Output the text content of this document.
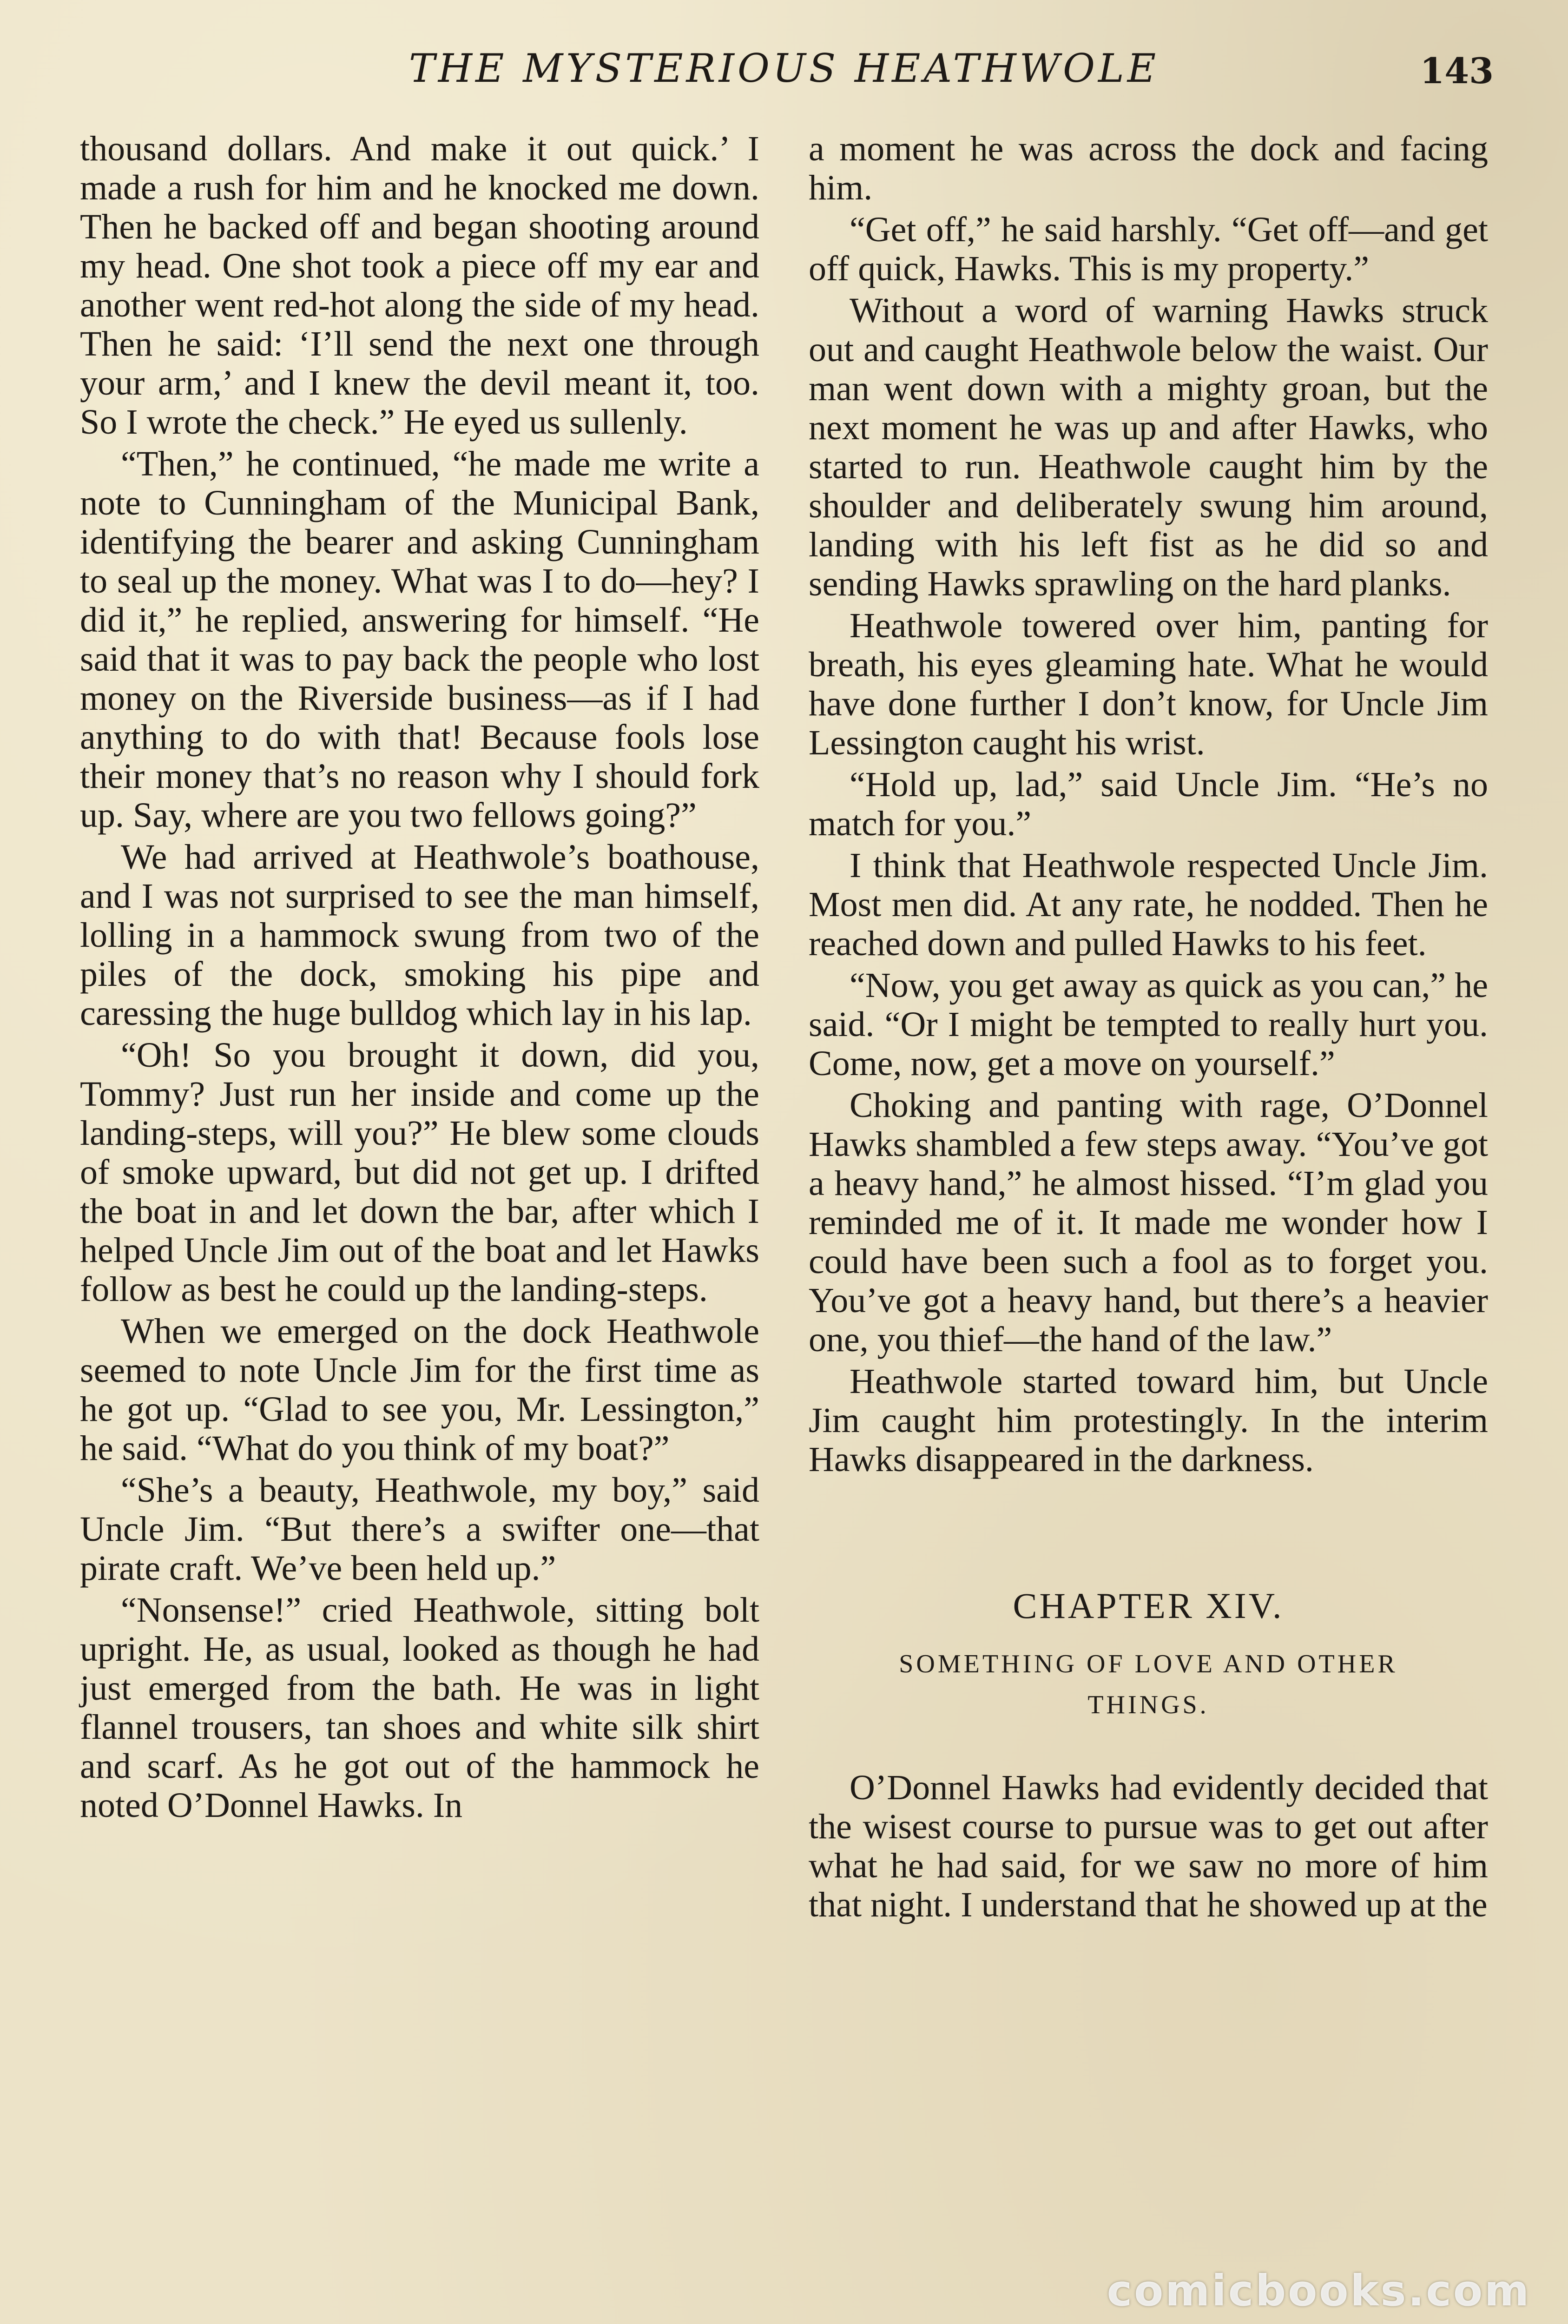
THE MYSTERIOUS HEATHWOLE	143

thousand dollars. And make it out quick.’ I made a rush for him and he knocked me down. Then he backed off and began shooting around my head. One shot took a piece off my ear and another went red-hot along the side of my head. Then he said: ‘I’ll send the next one through your arm,’ and I knew the devil meant it, too. So I wrote the check.” He eyed us sullenly.

“Then,” he continued, “he made me write a note to Cunningham of the Municipal Bank, identifying the bearer and asking Cunningham to seal up the money. What was I to do—hey? I did it,” he replied, answering for himself. “He said that it was to pay back the people who lost money on the Riverside business—as if I had anything to do with that! Because fools lose their money that’s no reason why I should fork up. Say, where are you two fellows going?”

We had arrived at Heathwole’s boathouse, and I was not surprised to see the man himself, lolling in a hammock swung from two of the piles of the dock, smoking his pipe and caressing the huge bulldog which lay in his lap.

“Oh! So you brought it down, did you, Tommy? Just run her inside and come up the landing-steps, will you?” He blew some clouds of smoke upward, but did not get up. I drifted the boat in and let down the bar, after which I helped Uncle Jim out of the boat and let Hawks follow as best he could up the landing-steps.

When we emerged on the dock Heathwole seemed to note Uncle Jim for the first time as he got up. “Glad to see you, Mr. Lessington,” he said. “What do you think of my boat?”

“She’s a beauty, Heathwole, my boy,” said Uncle Jim. “But there’s a swifter one—that pirate craft. We’ve been held up.”

“Nonsense!” cried Heathwole, sitting bolt upright. He, as usual, looked as though he had just emerged from the bath. He was in light flannel trousers, tan shoes and white silk shirt and scarf. As he got out of the hammock he noted O’Donnel Hawks. In

a moment he was across the dock and facing him.

“Get off,” he said harshly. “Get off—and get off quick, Hawks. This is my property.”

Without a word of warning Hawks struck out and caught Heathwole below the waist. Our man went down with a mighty groan, but the next moment he was up and after Hawks, who started to run. Heathwole caught him by the shoulder and deliberately swung him around, landing with his left fist as he did so and sending Hawks sprawling on the hard planks.

Heathwole towered over him, panting for breath, his eyes gleaming hate. What he would have done further I don’t know, for Uncle Jim Lessington caught his wrist.

“Hold up, lad,” said Uncle Jim. “He’s no match for you.”

I think that Heathwole respected Uncle Jim. Most men did. At any rate, he nodded. Then he reached down and pulled Hawks to his feet.

“Now, you get away as quick as you can,” he said. “Or I might be tempted to really hurt you. Come, now, get a move on yourself.”

Choking and panting with rage, O’Donnel Hawks shambled a few steps away. “You’ve got a heavy hand,” he almost hissed. “I’m glad you reminded me of it. It made me wonder how I could have been such a fool as to forget you. You’ve got a heavy hand, but there’s a heavier one, you thief—the hand of the law.”

Heathwole started toward him, but Uncle Jim caught him protestingly. In the interim Hawks disappeared in the darkness.

CHAPTER XIV.
SOMETHING OF LOVE AND OTHER THINGS.

O’Donnel Hawks had evidently decided that the wisest course to pursue was to get out after what he had said, for we saw no more of him that night. I understand that he showed up at the

comicbooks.com
